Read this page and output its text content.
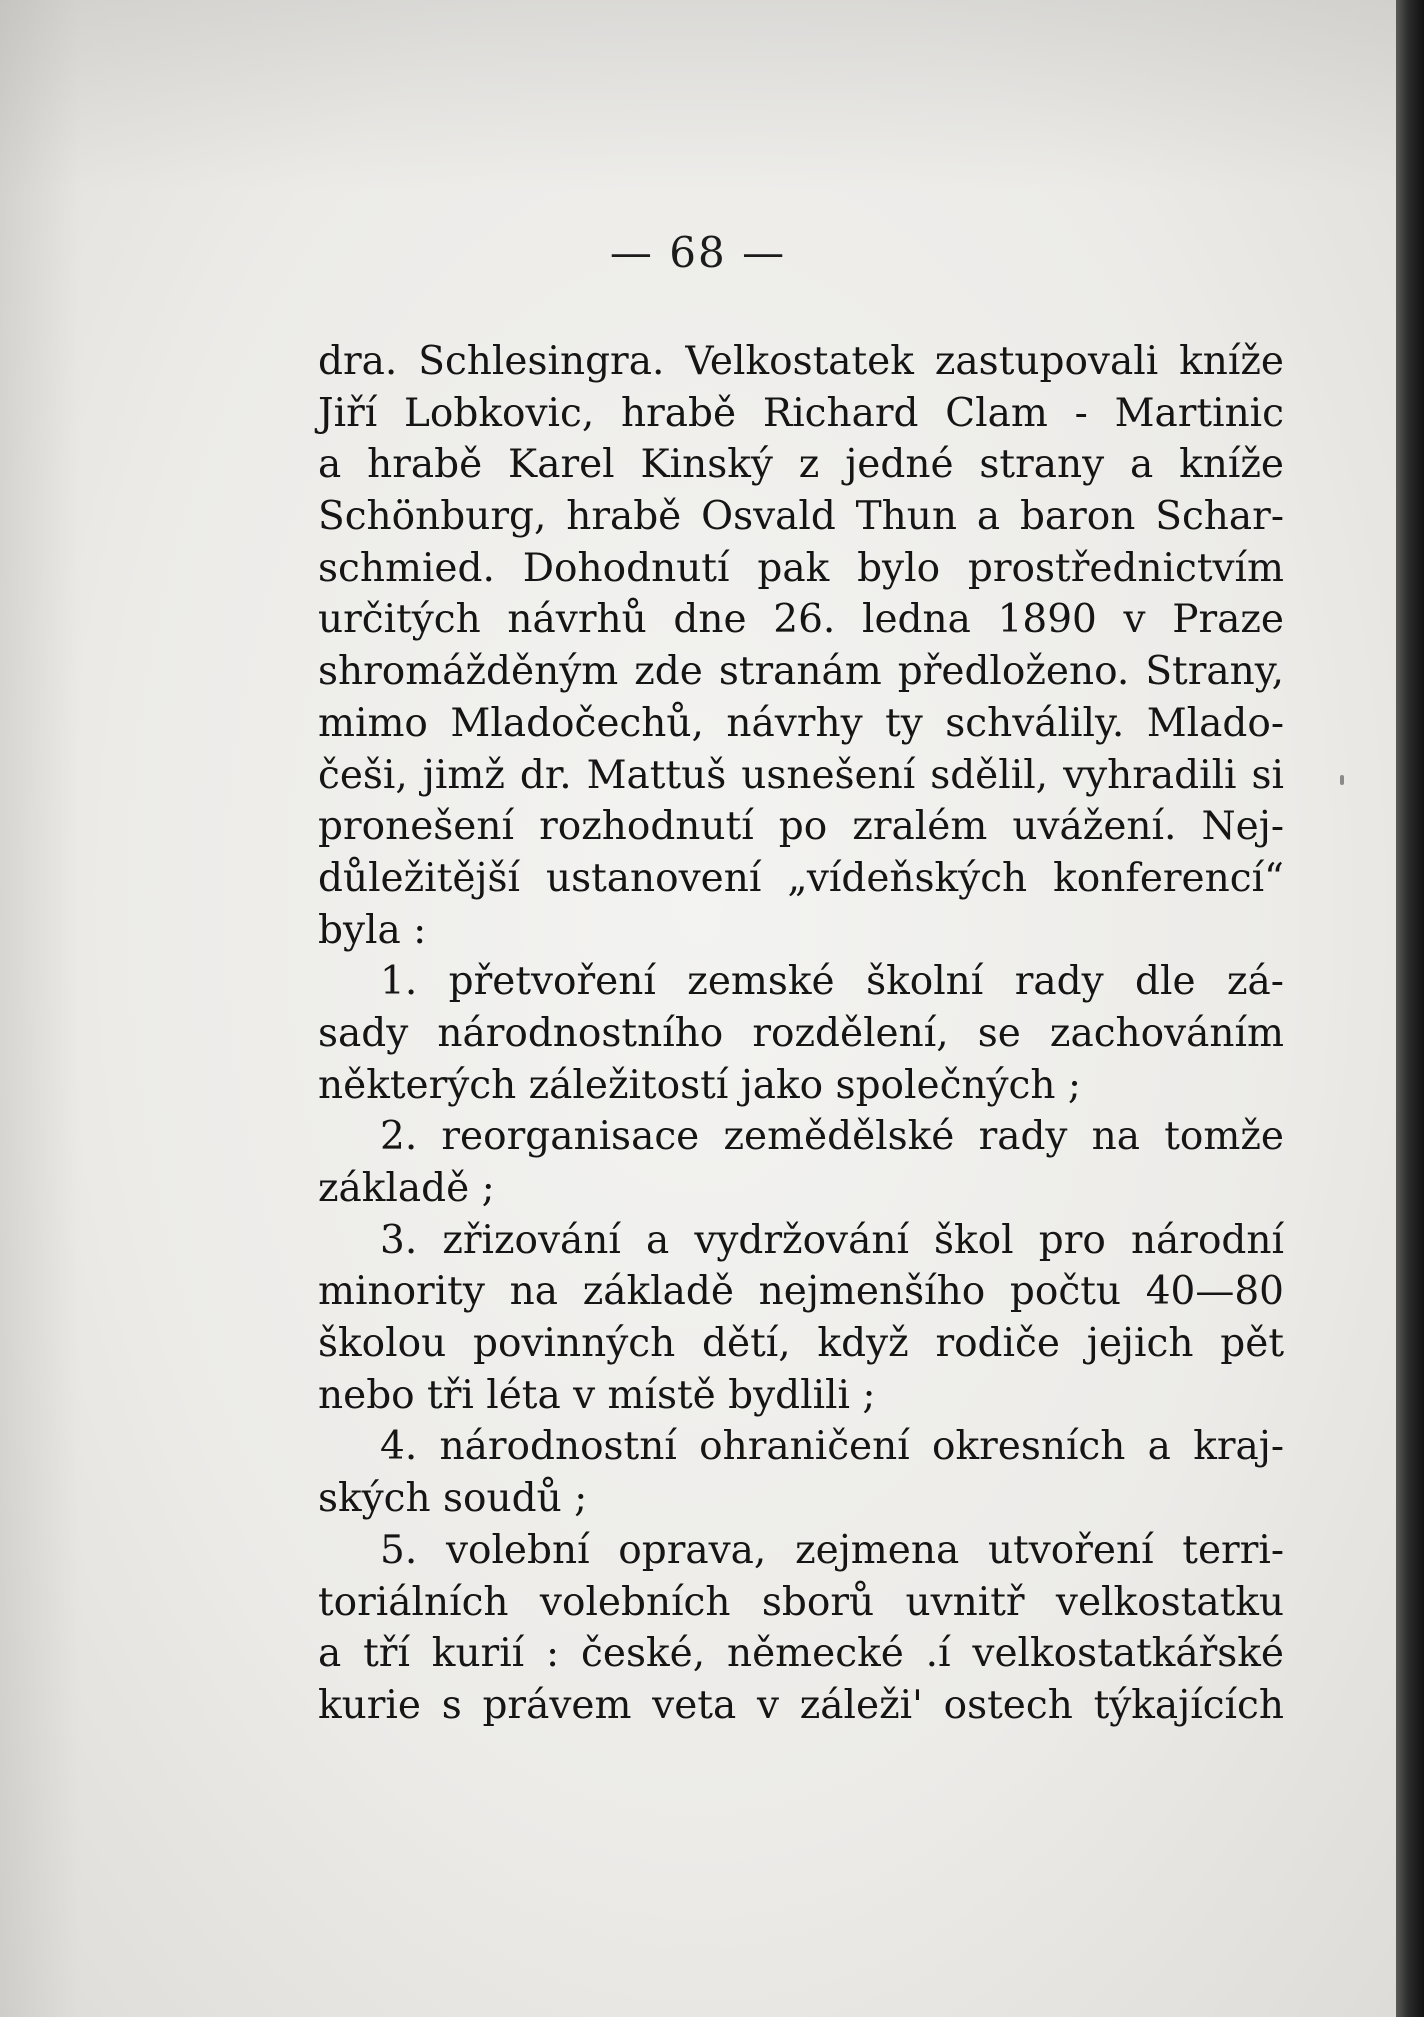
— 68 —
dra. Schlesingra. Velkostatek zastupovali kníže
Jiří Lobkovic, hrabě Richard Clam - Martinic
a hrabě Karel Kinský z jedné strany a kníže
Schönburg, hrabě Osvald Thun a baron Schar-
schmied. Dohodnutí pak bylo prostřednictvím
určitých návrhů dne 26. ledna 1890 v Praze
shromážděným zde stranám předloženo. Strany,
mimo Mladočechů, návrhy ty schválily. Mlado-
češi, jimž dr. Mattuš usnešení sdělil, vyhradili si
pronešení rozhodnutí po zralém uvážení. Nej-
důležitější ustanovení „vídeňských konferencí“
byla :
1. přetvoření zemské školní rady dle zá-
sady národnostního rozdělení, se zachováním
některých záležitostí jako společných ;
2. reorganisace zemědělské rady na tomže
základě ;
3. zřizování a vydržování škol pro národní
minority na základě nejmenšího počtu 40—80
školou povinných dětí, když rodiče jejich pět
nebo tři léta v místě bydlili ;
4. národnostní ohraničení okresních a kraj-
ských soudů ;
5. volební oprava, zejmena utvoření terri-
toriálních volebních sborů uvnitř velkostatku
a tří kurií : české, německé .í velkostatkářské
kurie s právem veta v záleži' ostech týkajících
